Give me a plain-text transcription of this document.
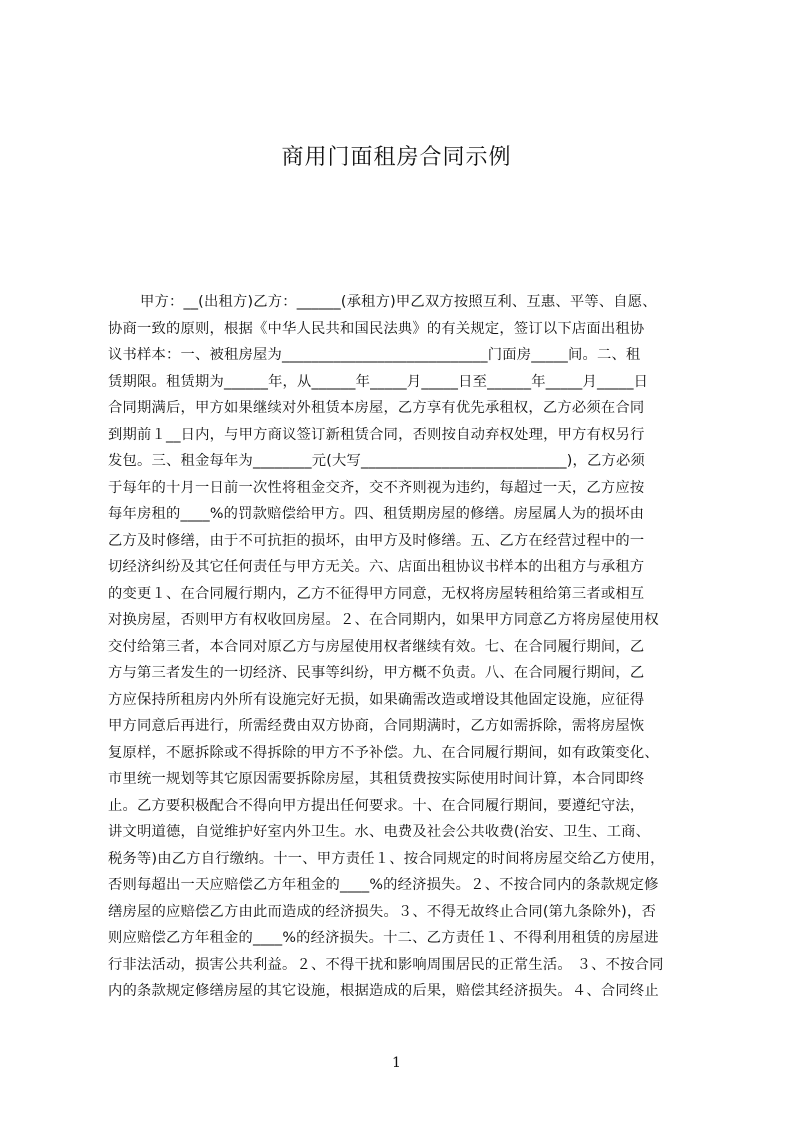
商用门面租房合同示例
甲方：__(出租方)乙方：______(承租方)甲乙双方按照互利、互惠、平等、自愿、
协商一致的原则，根据《中华人民共和国民法典》的有关规定，签订以下店面出租协
议书样本：一、被租房屋为____________________________门面房_____间。二、租
赁期限。租赁期为______年，从______年_____月_____日至______年_____月_____日
合同期满后，甲方如果继续对外租赁本房屋，乙方享有优先承租权，乙方必须在合同
到期前１__日内，与甲方商议签订新租赁合同，否则按自动弃权处理，甲方有权另行
发包。三、租金每年为________元(大写____________________________)，乙方必须
于每年的十月一日前一次性将租金交齐，交不齐则视为违约，每超过一天，乙方应按
每年房租的____%的罚款赔偿给甲方。四、租赁期房屋的修缮。房屋属人为的损坏由
乙方及时修缮，由于不可抗拒的损坏，由甲方及时修缮。五、乙方在经营过程中的一
切经济纠纷及其它任何责任与甲方无关。六、店面出租协议书样本的出租方与承租方
的变更１、在合同履行期内，乙方不征得甲方同意，无权将房屋转租给第三者或相互
对换房屋，否则甲方有权收回房屋。２、在合同期内，如果甲方同意乙方将房屋使用权
交付给第三者，本合同对原乙方与房屋使用权者继续有效。七、在合同履行期间，乙
方与第三者发生的一切经济、民事等纠纷，甲方概不负责。八、在合同履行期间，乙
方应保持所租房内外所有设施完好无损，如果确需改造或增设其他固定设施，应征得
甲方同意后再进行，所需经费由双方协商，合同期满时，乙方如需拆除，需将房屋恢
复原样，不愿拆除或不得拆除的甲方不予补偿。九、在合同履行期间，如有政策变化、
市里统一规划等其它原因需要拆除房屋，其租赁费按实际使用时间计算，本合同即终
止。乙方要积极配合不得向甲方提出任何要求。十、在合同履行期间，要遵纪守法，
讲文明道德，自觉维护好室内外卫生。水、电费及社会公共收费(治安、卫生、工商、
税务等)由乙方自行缴纳。十一、甲方责任１、按合同规定的时间将房屋交给乙方使用，
否则每超出一天应赔偿乙方年租金的____%的经济损失。２、不按合同内的条款规定修
缮房屋的应赔偿乙方由此而造成的经济损失。３、不得无故终止合同(第九条除外)，否
则应赔偿乙方年租金的____%的经济损失。十二、乙方责任１、不得利用租赁的房屋进
行非法活动，损害公共利益。２、不得干扰和影响周围居民的正常生活。 ３、不按合同
内的条款规定修缮房屋的其它设施，根据造成的后果，赔偿其经济损失。４、合同终止
1
